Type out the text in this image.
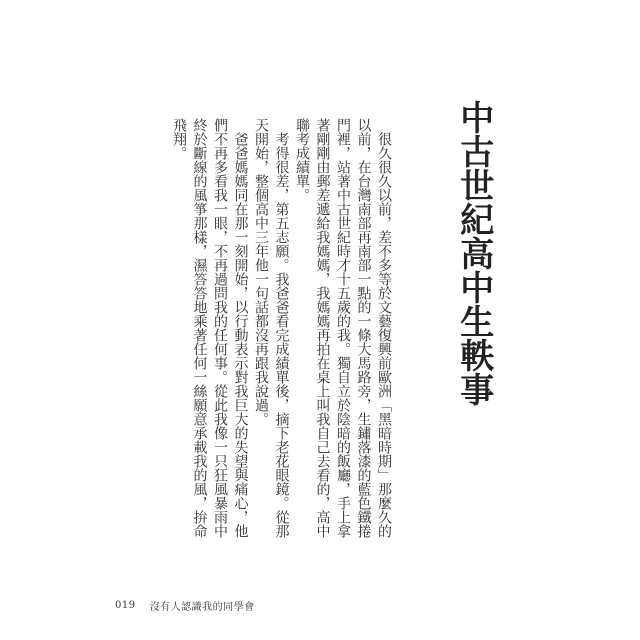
中古世紀高中生軼事

很久很久以前，差不多等於文藝復興前歐洲「黑暗時期」那麼久的以前，在台灣南部再南部一點的一條大馬路旁，生鏽落漆的藍色鐵捲門裡，站著中古世紀時才十五歲的我。獨自立於陰暗的飯廳，手上拿著剛剛由郵差遞給我媽媽，我媽媽再拍在桌上叫我自己去看的，高中聯考成績單。

考得很差，第五志願。我爸爸看完成績單後，摘下老花眼鏡。從那天開始，整個高中三年他一句話都沒再跟我說過。

爸爸媽媽同在那一刻開始，以行動表示對我巨大的失望與痛心，他們不再多看我一眼，不再過問我的任何事。從此我像一只狂風暴雨中終於斷線的風箏那樣，濕答答地乘著任何一絲願意承載我的風，拚命飛翔。

019 沒有人認識我的同學會
